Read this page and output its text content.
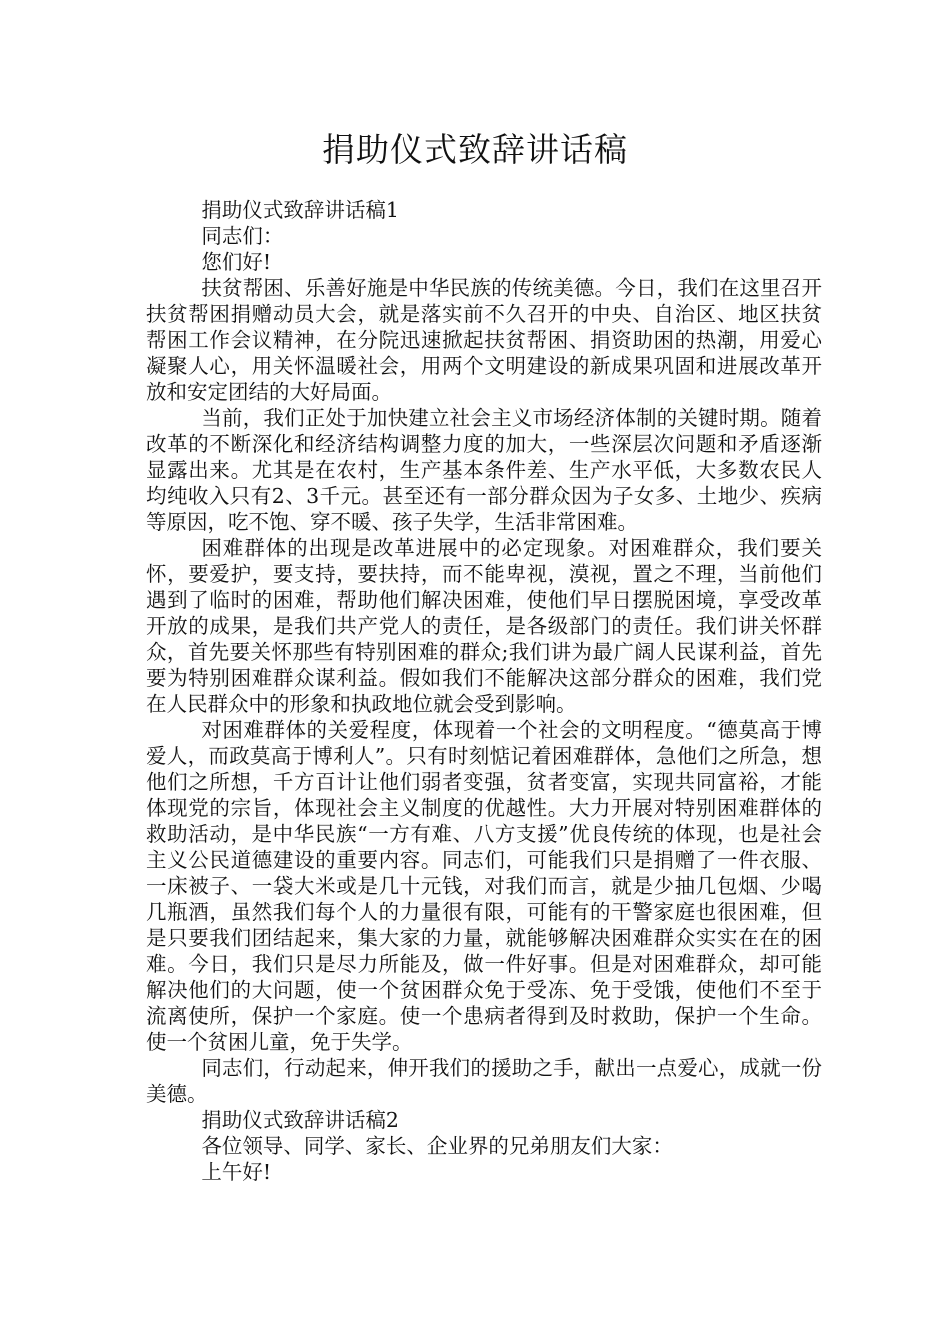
捐助仪式致辞讲话稿

捐助仪式致辞讲话稿1

同志们：

您们好!

扶贫帮困、乐善好施是中华民族的传统美德。今日，我们在这里召开扶贫帮困捐赠动员大会，就是落实前不久召开的中央、自治区、地区扶贫帮困工作会议精神，在分院迅速掀起扶贫帮困、捐资助困的热潮，用爱心凝聚人心，用关怀温暖社会，用两个文明建设的新成果巩固和进展改革开放和安定团结的大好局面。

当前，我们正处于加快建立社会主义市场经济体制的关键时期。随着改革的不断深化和经济结构调整力度的加大，一些深层次问题和矛盾逐渐显露出来。尤其是在农村，生产基本条件差、生产水平低，大多数农民人均纯收入只有2、3千元。甚至还有一部分群众因为子女多、土地少、疾病等原因，吃不饱、穿不暖、孩子失学，生活非常困难。

困难群体的出现是改革进展中的必定现象。对困难群众，我们要关怀，要爱护，要支持，要扶持，而不能卑视，漠视，置之不理，当前他们遇到了临时的困难，帮助他们解决困难，使他们早日摆脱困境，享受改革开放的成果，是我们共产党人的责任，是各级部门的责任。我们讲关怀群众，首先要关怀那些有特别困难的群众;我们讲为最广阔人民谋利益，首先要为特别困难群众谋利益。假如我们不能解决这部分群众的困难，我们党在人民群众中的形象和执政地位就会受到影响。

对困难群体的关爱程度，体现着一个社会的文明程度。“德莫高于博爱人，而政莫高于博利人”。只有时刻惦记着困难群体，急他们之所急，想他们之所想，千方百计让他们弱者变强，贫者变富，实现共同富裕，才能体现党的宗旨，体现社会主义制度的优越性。大力开展对特别困难群体的救助活动，是中华民族“一方有难、八方支援”优良传统的体现，也是社会主义公民道德建设的重要内容。同志们，可能我们只是捐赠了一件衣服、一床被子、一袋大米或是几十元钱，对我们而言，就是少抽几包烟、少喝几瓶酒，虽然我们每个人的力量很有限，可能有的干警家庭也很困难，但是只要我们团结起来，集大家的力量，就能够解决困难群众实实在在的困难。今日，我们只是尽力所能及，做一件好事。但是对困难群众，却可能解决他们的大问题，使一个贫困群众免于受冻、免于受饿，使他们不至于流离使所，保护一个家庭。使一个患病者得到及时救助，保护一个生命。使一个贫困儿童，免于失学。

同志们，行动起来，伸开我们的援助之手，献出一点爱心，成就一份美德。

捐助仪式致辞讲话稿2

各位领导、同学、家长、企业界的兄弟朋友们大家：

上午好!
